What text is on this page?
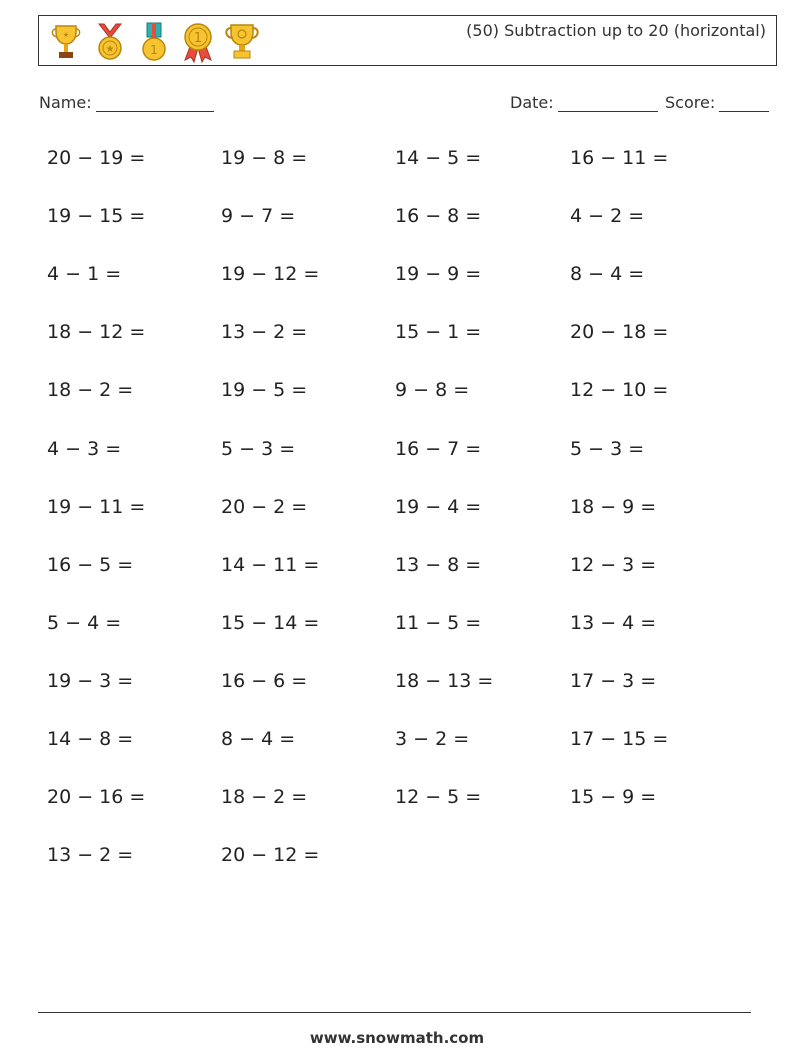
★
★	1
1	(50) Subtraction up to 20 (horizontal)
Name:	Date:	Score:
20 − 19 =	19 − 8 =	14 − 5 =	16 − 11 =
19 − 15 =	9 − 7 =	16 − 8 =	4 − 2 =
4 − 1 =	19 − 12 =	19 − 9 =	8 − 4 =
18 − 12 =	13 − 2 =	15 − 1 =	20 − 18 =
18 − 2 =	19 − 5 =	9 − 8 =	12 − 10 =
4 − 3 =	5 − 3 =	16 − 7 =	5 − 3 =
19 − 11 =	20 − 2 =	19 − 4 =	18 − 9 =
16 − 5 =	14 − 11 =	13 − 8 =	12 − 3 =
5 − 4 =	15 − 14 =	11 − 5 =	13 − 4 =
19 − 3 =	16 − 6 =	18 − 13 =	17 − 3 =
14 − 8 =	8 − 4 =	3 − 2 =	17 − 15 =
20 − 16 =	18 − 2 =	12 − 5 =	15 − 9 =
13 − 2 =	20 − 12 =
www.snowmath.com
